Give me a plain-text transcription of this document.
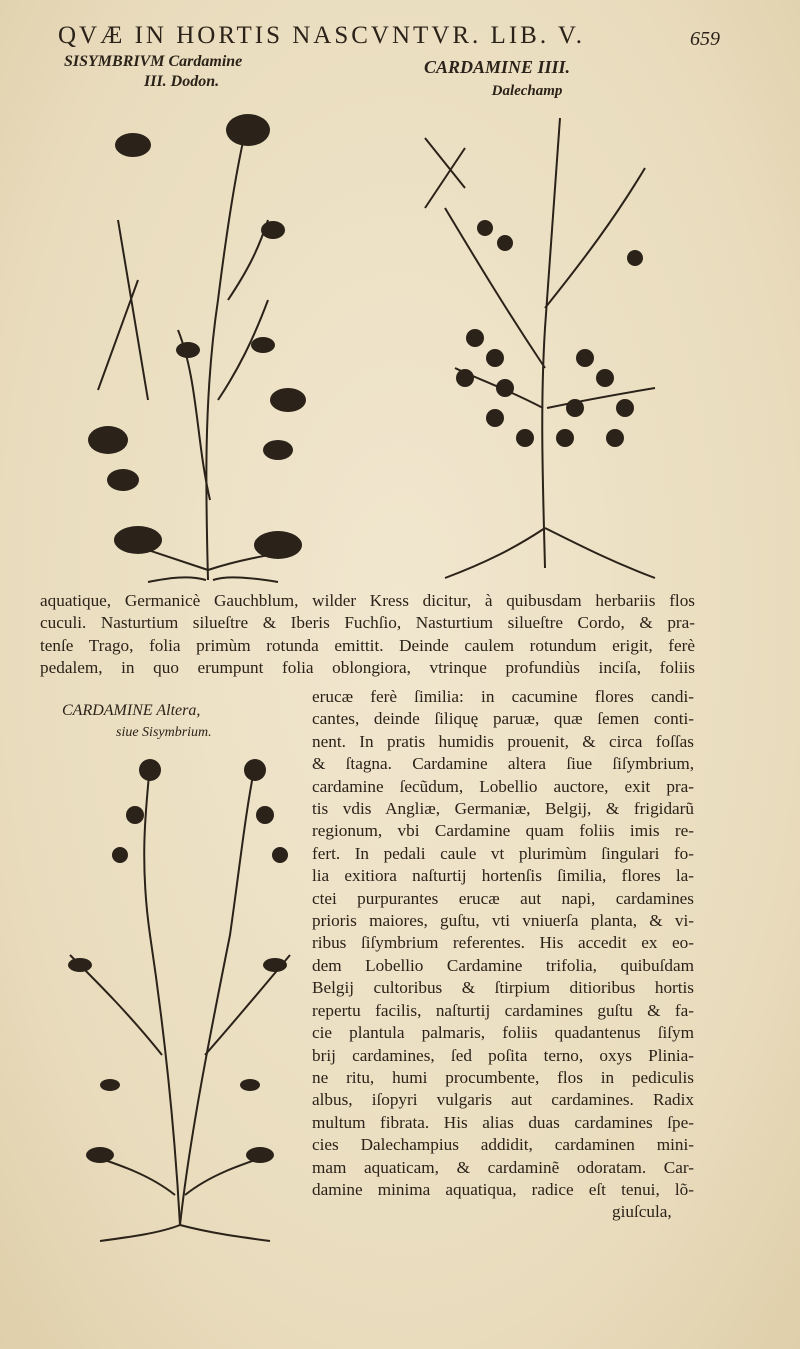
QVÆ IN HORTIS NASCVNTVR. LIB. V.	659
SISYMBRIVM Cardamine
III. Dodon.
CARDAMINE IIII.
Dalechamp
CARDAMINE Altera,
siue Sisymbrium.
aquatique, Germanicè Gauchblum, wilder Kress dicitur, à quibusdam herbariis flos
cuculi. Nasturtium silueſtre & Iberis Fuchſio, Nasturtium silueſtre Cordo, & pra-
tenſe Trago, folia primùm rotunda emittit. Deinde caulem rotundum erigit, ferè
pedalem, in quo erumpunt folia oblongiora, vtrinque profundiùs inciſa, foliis
erucæ ferè ſimilia: in cacumine flores candi-
cantes, deinde ſiliquę paruæ, quæ ſemen conti-
nent. In pratis humidis prouenit, & circa foſſas
& ſtagna. Cardamine altera ſiue ſiſymbrium,
cardamine ſecũdum, Lobellio auctore, exit pra-
tis vdis Angliæ, Germaniæ, Belgij, & frigidarũ
regionum, vbi Cardamine quam foliis imis re-
fert. In pedali caule vt plurimùm ſingulari fo-
lia exitiora naſturtij hortenſis ſimilia, flores la-
ctei purpurantes erucæ aut napi, cardamines
prioris maiores, guſtu, vti vniuerſa planta, & vi-
ribus ſiſymbrium referentes. His accedit ex eo-
dem Lobellio Cardamine trifolia, quibuſdam
Belgij cultoribus & ſtirpium ditioribus hortis
repertu facilis, naſturtij cardamines guſtu & fa-
cie plantula palmaris, foliis quadantenus ſiſym
brij cardamines, ſed poſita terno, oxys Plinia-
ne ritu, humi procumbente, flos in pediculis
albus, iſopyri vulgaris aut cardamines. Radix
multum fibrata. His alias duas cardamines ſpe-
cies Dalechampius addidit, cardaminen mini-
mam aquaticam, & cardaminẽ odoratam. Car-
damine minima aquatiqua, radice eſt tenui, lõ-
giuſcula,
